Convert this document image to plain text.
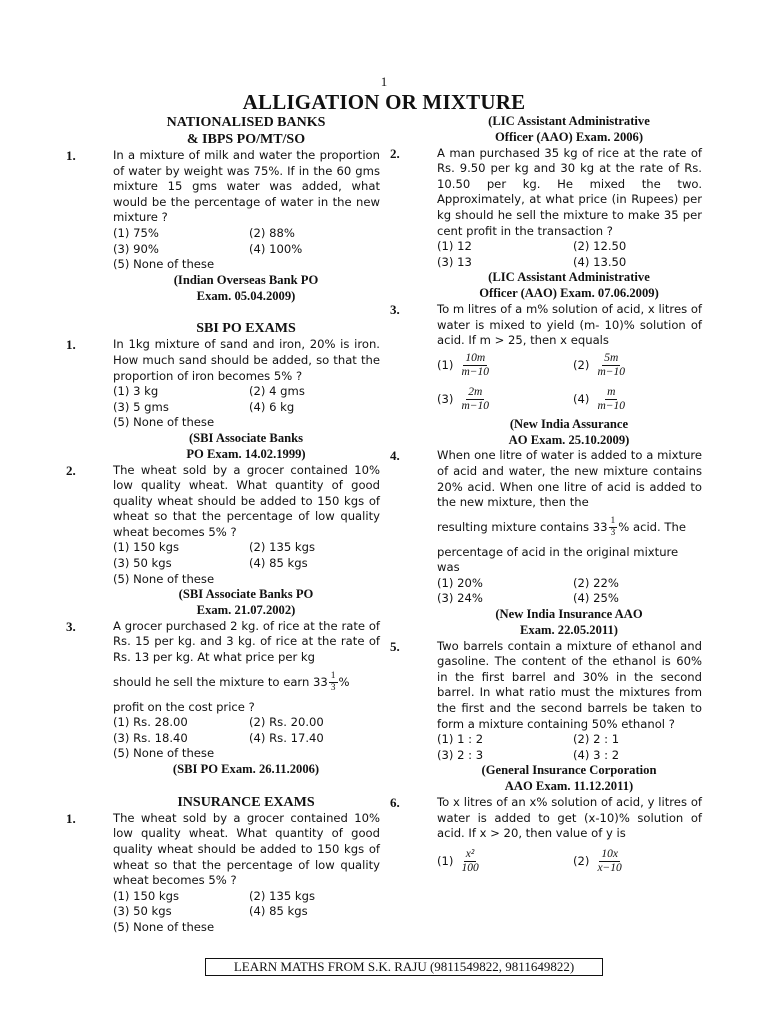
1
ALLIGATION OR MIXTURE
NATIONALISED BANKS
& IBPS PO/MT/SO
1.	In a mixture of milk and water the proportion of water by weight was 75%. If in the 60 gms mixture 15 gms water was added, what would be the percentage of water in the new mixture ?
(1) 75%	(2) 88%
(3) 90%	(4) 100%
(5) None of these
(Indian Overseas Bank PO
Exam. 05.04.2009)
SBI PO EXAMS
1.	In 1kg mixture of sand and iron, 20% is iron. How much sand should be added, so that the proportion of iron becomes 5% ?
(1) 3 kg	(2) 4 gms
(3) 5 gms	(4) 6 kg
(5) None of these
(SBI Associate Banks
PO Exam. 14.02.1999)
2.	The wheat sold by a grocer contained 10% low quality wheat. What quantity of good quality wheat should be added to 150 kgs of wheat so that the percentage of low quality wheat becomes 5% ?
(1) 150 kgs	(2) 135 kgs
(3) 50 kgs	(4) 85 kgs
(5) None of these
(SBI Associate Banks PO
Exam. 21.07.2002)
3.	A grocer purchased 2 kg. of rice at the rate of Rs. 15 per kg. and 3 kg. of rice at the rate of Rs. 13 per kg. At what price per kg
should he sell the mixture to earn $33 \frac{1}{3}$ %
profit on the cost price ?
(1) Rs. 28.00	(2) Rs. 20.00
(3) Rs. 18.40	(4) Rs. 17.40
(5) None of these
(SBI PO Exam. 26.11.2006)
INSURANCE EXAMS
1.	The wheat sold by a grocer contained 10% low quality wheat. What quantity of good quality wheat should be added to 150 kgs of wheat so that the percentage of low quality wheat becomes 5% ?
(1) 150 kgs	(2) 135 kgs
(3) 50 kgs	(4) 85 kgs
(5) None of these
(LIC Assistant Administrative
Officer (AAO) Exam. 2006)
2.	A man purchased 35 kg of rice at the rate of Rs. 9.50 per kg and 30 kg at the rate of Rs. 10.50 per kg. He mixed the two. Approximately, at what price (in Rupees) per kg should he sell the mixture to make 35 per cent profit in the transaction ?
(1) 12	(2) 12.50
(3) 13	(4) 13.50
(LIC Assistant Administrative
Officer (AAO) Exam. 07.06.2009)
3.	To m litres of a m% solution of acid, x litres of water is mixed to yield (m- 10)% solution of acid. If m > 25, then x equals
$(1) \frac{10m}{m-10}$	$(2) \frac{5m}{m-10}$
$(3) \frac{2m}{m-10}$	$(4) \frac{m}{m-10}$
(New India Assurance
AO Exam. 25.10.2009)
4.	When one litre of water is added to a mixture of acid and water, the new mixture contains 20% acid. When one litre of acid is added to the new mixture, then the
resulting mixture contains $33 \frac{1}{3}$ % acid. The
percentage of acid in the original mixture was
(1) 20%	(2) 22%
(3) 24%	(4) 25%
(New India Insurance AAO
Exam. 22.05.2011)
5.	Two barrels contain a mixture of ethanol and gasoline. The content of the ethanol is 60% in the first barrel and 30% in the second barrel. In what ratio must the mixtures from the first and the second barrels be taken to form a mixture containing 50% ethanol ?
(1) 1 : 2	(2) 2 : 1
(3) 2 : 3	(4) 3 : 2
(General Insurance Corporation
AAO Exam. 11.12.2011)
6.	To x litres of an x% solution of acid, y litres of water is added to get (x-10)% solution of acid. If x > 20, then value of y is
$(1) \frac{\text{x²}}{100}$	$(2) \frac{10x}{x-10}$
LEARN MATHS FROM S.K. RAJU (9811549822, 9811649822)
